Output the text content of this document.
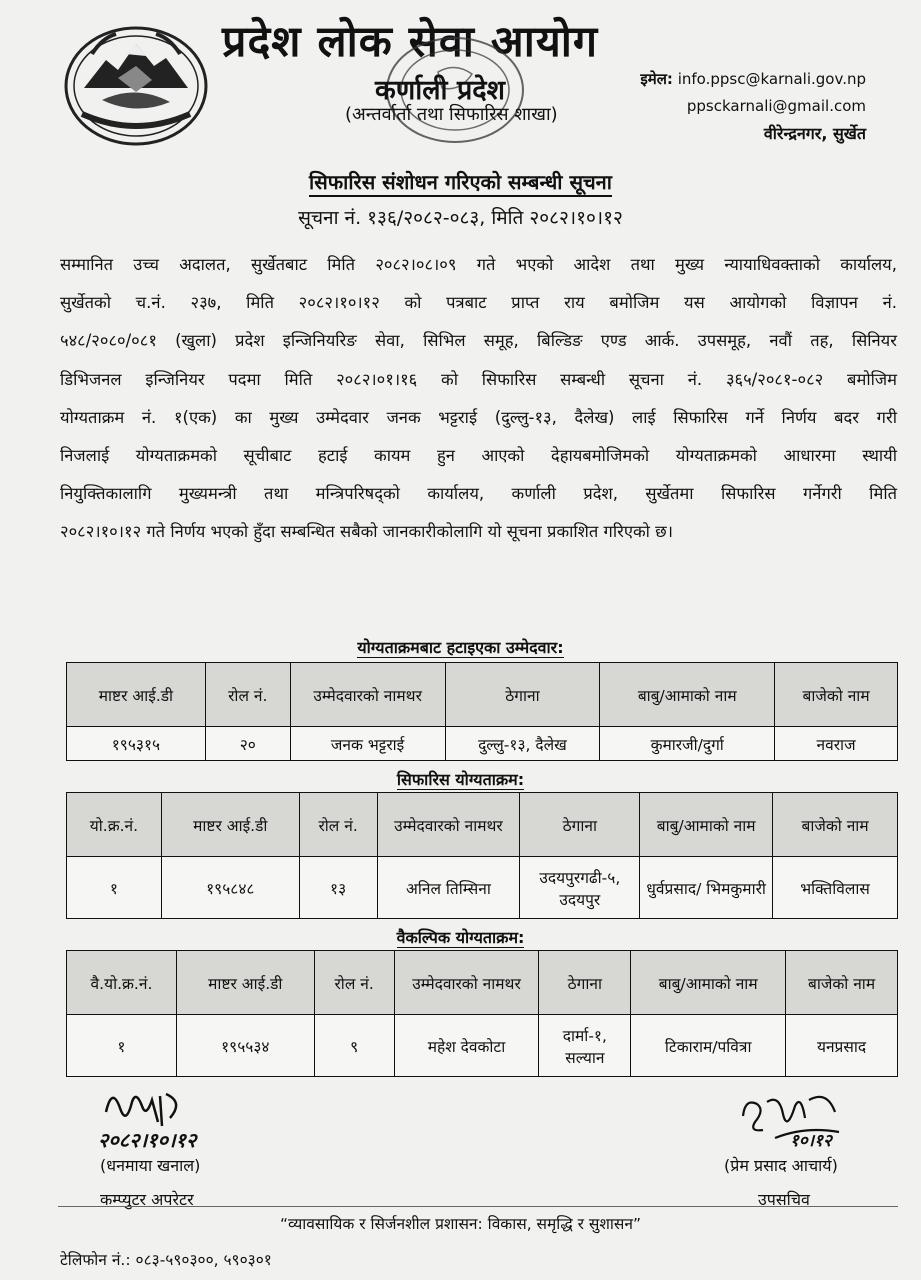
प्रदेश लोक सेवा आयोग
कर्णाली प्रदेश
(अन्तर्वार्ता तथा सिफारिस शाखा)
इमेल: info.ppsc@karnali.gov.np
ppsckarnali@gmail.com
वीरेन्द्रनगर, सुर्खेत
सिफारिस संशोधन गरिएको सम्बन्धी सूचना
सूचना नं. १३६/२०८२-०८३, मिति २०८२।१०।१२
सम्मानित उच्च अदालत, सुर्खेतबाट मिति २०८२।०८।०९ गते भएको आदेश तथा मुख्य न्यायाधिवक्ताको कार्यालय,
सुर्खेतको च.नं. २३७, मिति २०८२।१०।१२ को पत्रबाट प्राप्त राय बमोजिम यस आयोगको विज्ञापन नं.
५४८/२०८०/०८१ (खुला) प्रदेश इन्जिनियरिङ सेवा, सिभिल समूह, बिल्डिङ एण्ड आर्क. उपसमूह, नवौं तह, सिनियर
डिभिजनल इन्जिनियर पदमा मिति २०८२।०१।१६ को सिफारिस सम्बन्धी सूचना नं. ३६५/२०८१-०८२ बमोजिम
योग्यताक्रम नं. १(एक) का मुख्य उम्मेदवार जनक भट्टराई (दुल्लु-१३, दैलेख) लाई सिफारिस गर्ने निर्णय बदर गरी
निजलाई योग्यताक्रमको सूचीबाट हटाई कायम हुन आएको देहायबमोजिमको योग्यताक्रमको आधारमा स्थायी
नियुक्तिकालागि मुख्यमन्त्री तथा मन्त्रिपरिषद्को कार्यालय, कर्णाली प्रदेश, सुर्खेतमा सिफारिस गर्नेगरी मिति
२०८२।१०।१२ गते निर्णय भएको हुँदा सम्बन्धित सबैको जानकारीकोलागि यो सूचना प्रकाशित गरिएको छ।
योग्यताक्रमबाट हटाइएका उम्मेदवार:
माष्टर आई.डी	रोल नं.	उम्मेदवारको नामथर	ठेगाना	बाबु/आमाको नाम	बाजेको नाम
१९५३१५	२०	जनक भट्टराई	दुल्लु-१३, दैलेख	कुमारजी/दुर्गा	नवराज
सिफारिस योग्यताक्रम:
यो.क्र.नं.	माष्टर आई.डी	रोल नं.	उम्मेदवारको नामथर	ठेगाना	बाबु/आमाको नाम	बाजेको नाम
१	१९५८४८	१३	अनिल तिम्सिना	उदयपुरगढी-५, उदयपुर	धुर्वप्रसाद/ भिमकुमारी	भक्तिविलास
वैकल्पिक योग्यताक्रम:
वै.यो.क्र.नं.	माष्टर आई.डी	रोल नं.	उम्मेदवारको नामथर	ठेगाना	बाबु/आमाको नाम	बाजेको नाम
१	१९५५३४	९	महेश देवकोटा	दार्मा-१, सल्यान	टिकाराम/पवित्रा	यनप्रसाद
२०८२।१०।१२
(धनमाया खनाल)
कम्प्युटर अपरेटर
१०।१२
(प्रेम प्रसाद आचार्य)
उपसचिव
“व्यावसायिक र सिर्जनशील प्रशासन: विकास, समृद्धि र सुशासन”
टेलिफोन नं.: ०८३-५९०३००, ५९०३०१
